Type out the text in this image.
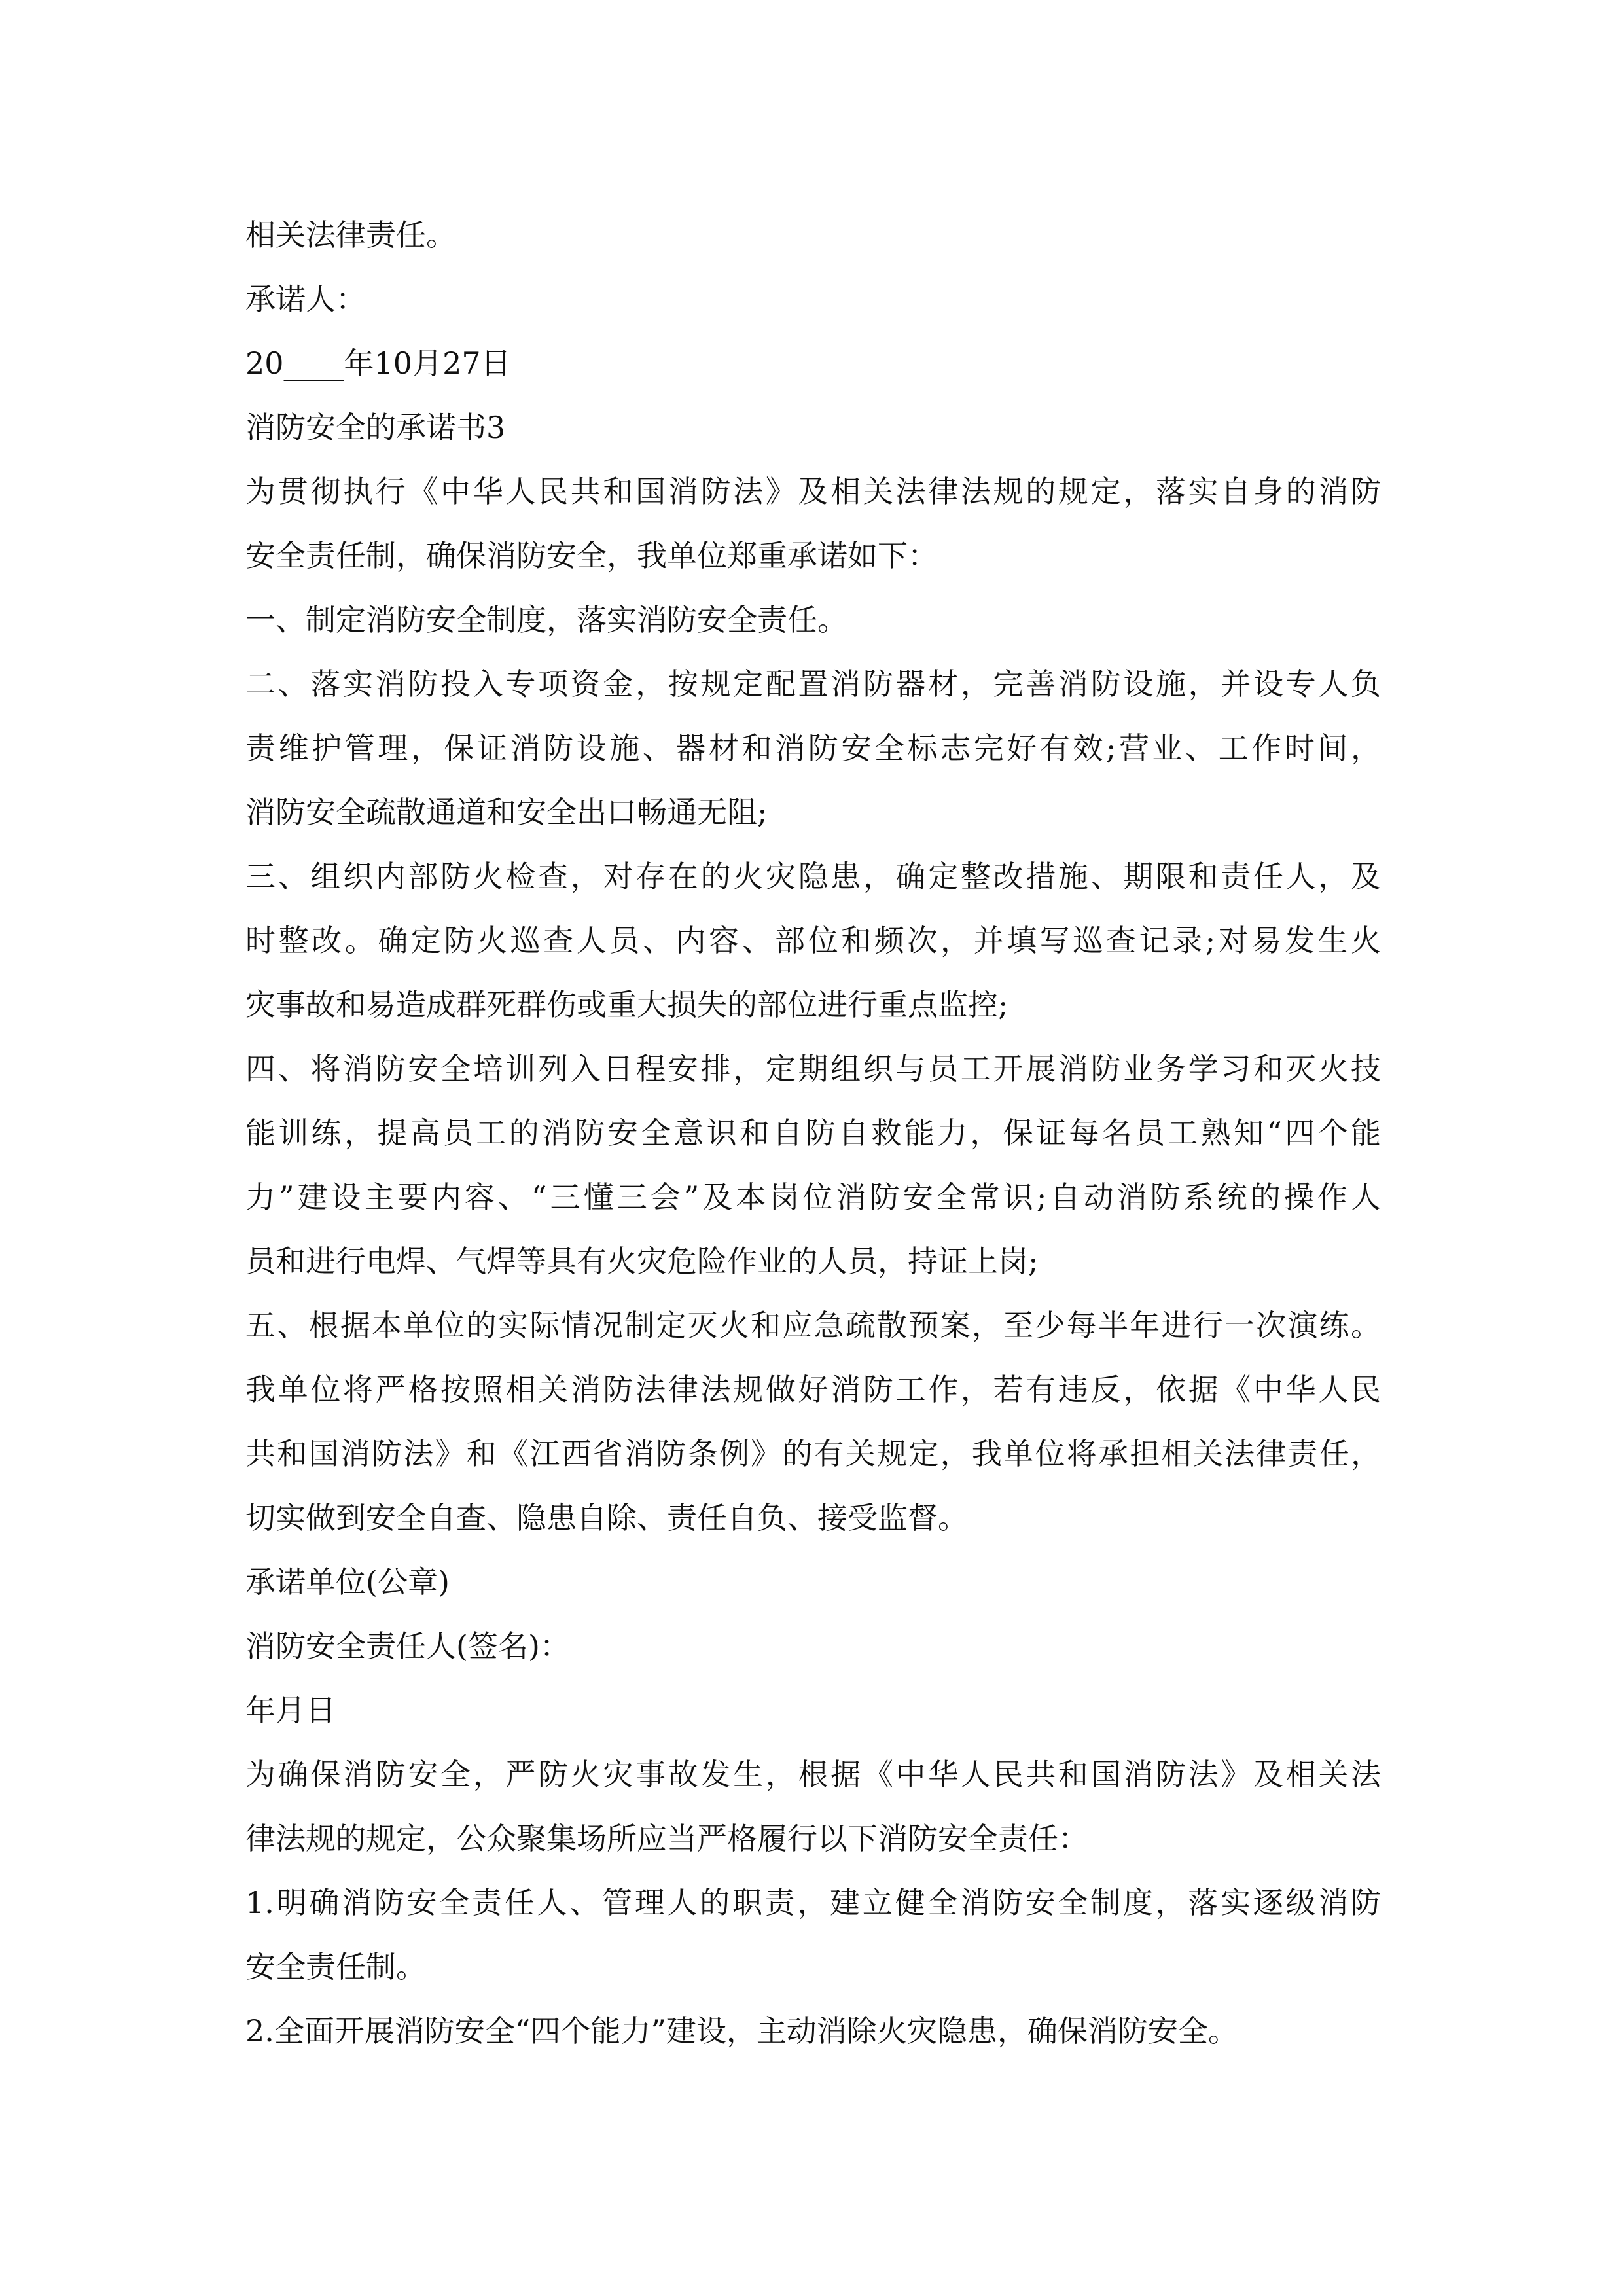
相关法律责任。
承诺人：
20____年10月27日
消防安全的承诺书3
为贯彻执行《中华人民共和国消防法》及相关法律法规的规定，落实自身的消防
安全责任制，确保消防安全，我单位郑重承诺如下：
一、制定消防安全制度，落实消防安全责任。
二、落实消防投入专项资金，按规定配置消防器材，完善消防设施，并设专人负
责维护管理，保证消防设施、器材和消防安全标志完好有效;营业、工作时间，
消防安全疏散通道和安全出口畅通无阻;
三、组织内部防火检查，对存在的火灾隐患，确定整改措施、期限和责任人，及
时整改。确定防火巡查人员、内容、部位和频次，并填写巡查记录;对易发生火
灾事故和易造成群死群伤或重大损失的部位进行重点监控;
四、将消防安全培训列入日程安排，定期组织与员工开展消防业务学习和灭火技
能训练，提高员工的消防安全意识和自防自救能力，保证每名员工熟知“四个能
力”建设主要内容、“三懂三会”及本岗位消防安全常识;自动消防系统的操作人
员和进行电焊、气焊等具有火灾危险作业的人员，持证上岗;
五、根据本单位的实际情况制定灭火和应急疏散预案，至少每半年进行一次演练。
我单位将严格按照相关消防法律法规做好消防工作，若有违反，依据《中华人民
共和国消防法》和《江西省消防条例》的有关规定，我单位将承担相关法律责任，
切实做到安全自查、隐患自除、责任自负、接受监督。
承诺单位(公章)
消防安全责任人(签名)：
年月日
为确保消防安全，严防火灾事故发生，根据《中华人民共和国消防法》及相关法
律法规的规定，公众聚集场所应当严格履行以下消防安全责任：
1.明确消防安全责任人、管理人的职责，建立健全消防安全制度，落实逐级消防
安全责任制。
2.全面开展消防安全“四个能力”建设，主动消除火灾隐患，确保消防安全。
